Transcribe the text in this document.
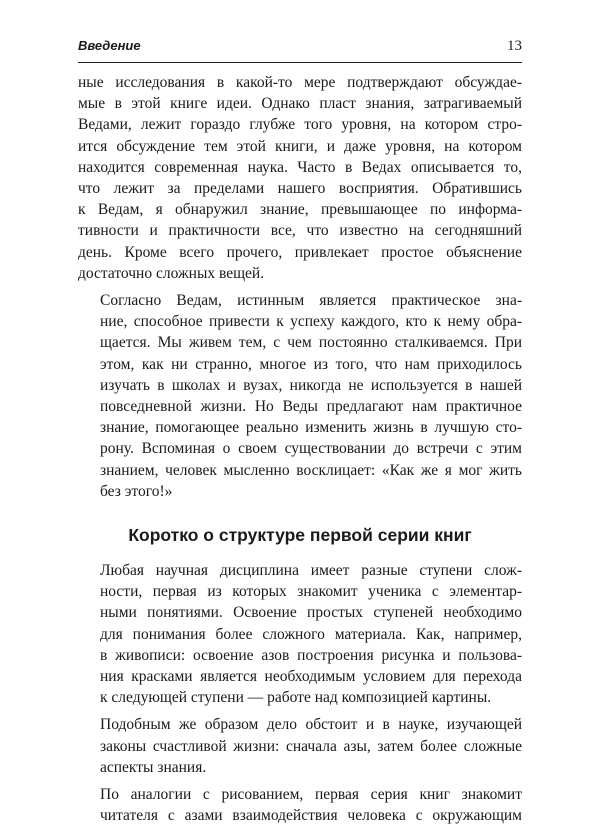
Введение	13

ные исследования в какой-то мере подтверждают обсуждае-
мые в этой книге идеи. Однако пласт знания, затрагиваемый
Ведами, лежит гораздо глубже того уровня, на котором стро-
ится обсуждение тем этой книги, и даже уровня, на котором
находится современная наука. Часто в Ведах описывается то,
что лежит за пределами нашего восприятия. Обратившись
к Ведам, я обнаружил знание, превышающее по информа-
тивности и практичности все, что известно на сегодняшний
день. Кроме всего прочего, привлекает простое объяснение
достаточно сложных вещей.

Согласно Ведам, истинным является практическое зна-
ние, способное привести к успеху каждого, кто к нему обра-
щается. Мы живем тем, с чем постоянно сталкиваемся. При
этом, как ни странно, многое из того, что нам приходилось
изучать в школах и вузах, никогда не используется в нашей
повседневной жизни. Но Веды предлагают нам практичное
знание, помогающее реально изменить жизнь в лучшую сто-
рону. Вспоминая о своем существовании до встречи с этим
знанием, человек мысленно восклицает: «Как же я мог жить
без этого!»

Коротко о структуре первой серии книг

Любая научная дисциплина имеет разные ступени слож-
ности, первая из которых знакомит ученика с элементар-
ными понятиями. Освоение простых ступеней необходимо
для понимания более сложного материала. Как, например,
в живописи: освоение азов построения рисунка и пользова-
ния красками является необходимым условием для перехода
к следующей ступени — работе над композицией картины.

Подобным же образом дело обстоит и в науке, изучающей
законы счастливой жизни: сначала азы, затем более сложные
аспекты знания.

По аналогии с рисованием, первая серия книг знакомит
читателя с азами взаимодействия человека с окружающим
